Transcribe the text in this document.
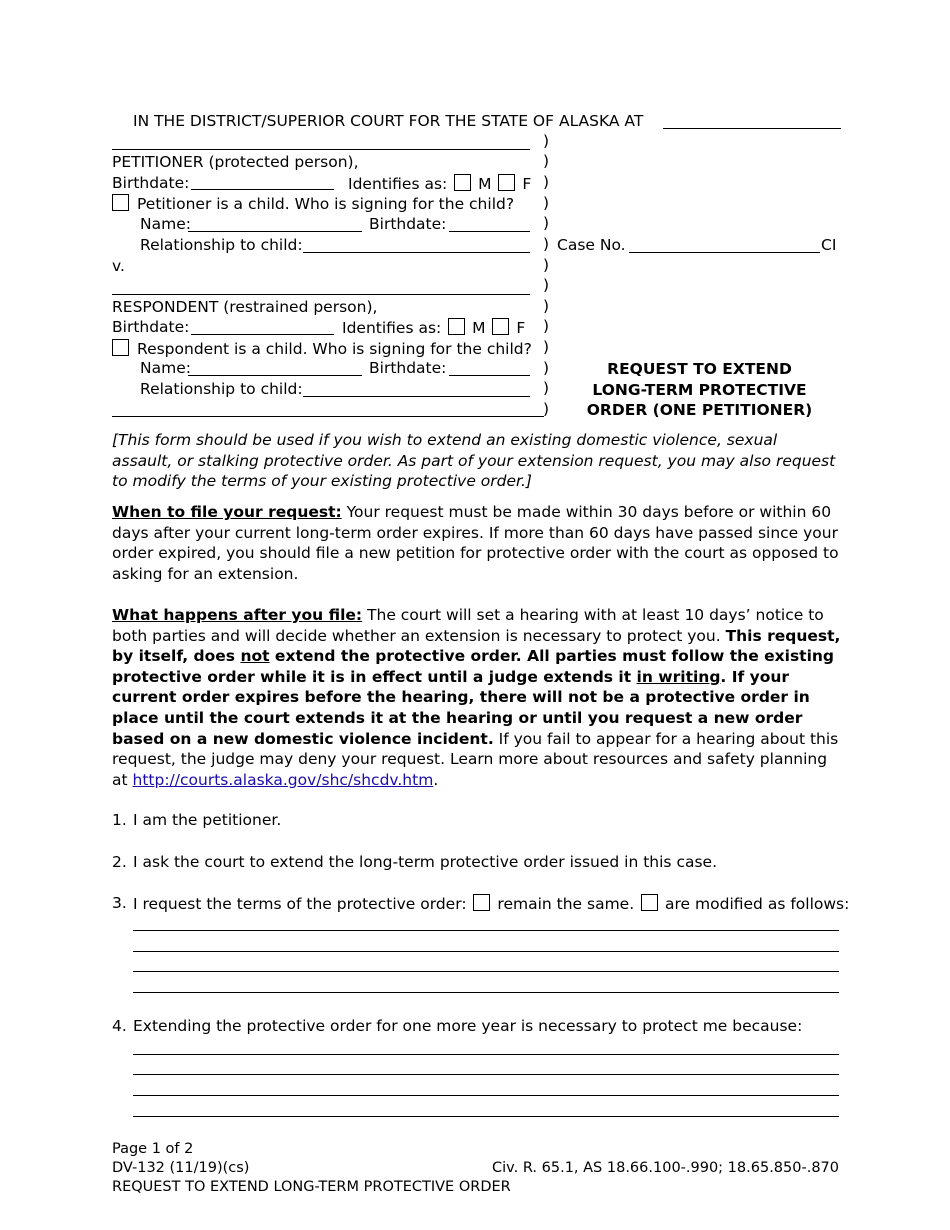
IN THE DISTRICT/SUPERIOR COURT FOR THE STATE OF ALASKA AT
)
)
)
)
)
)
)
)
)
)
)
)
)
)
PETITIONER (protected person),
Birthdate:	Identifies as: M F
Petitioner is a child. Who is signing for the child?
Name:	Birthdate:
Relationship to child:
v.
RESPONDENT (restrained person),
Birthdate:	Identifies as: M F
Respondent is a child. Who is signing for the child?
Name:	Birthdate:
Relationship to child:
Case No.	CI
REQUEST TO EXTEND
LONG-TERM PROTECTIVE
ORDER (ONE PETITIONER)
[This form should be used if you wish to extend an existing domestic violence, sexual assault, or stalking protective order. As part of your extension request, you may also request to modify the terms of your existing protective order.]
When to file your request: Your request must be made within 30 days before or within 60 days after your current long-term order expires. If more than 60 days have passed since your order expired, you should file a new petition for protective order with the court as opposed to asking for an extension.
What happens after you file: The court will set a hearing with at least 10 days’ notice to both parties and will decide whether an extension is necessary to protect you. This request, by itself, does not extend the protective order. All parties must follow the existing protective order while it is in effect until a judge extends it in writing. If your current order expires before the hearing, there will not be a protective order in place until the court extends it at the hearing or until you request a new order based on a new domestic violence incident. If you fail to appear for a hearing about this request, the judge may deny your request. Learn more about resources and safety planning at http://courts.alaska.gov/shc/shcdv.htm.
1. I am the petitioner.
2. I ask the court to extend the long-term protective order issued in this case.
3. I request the terms of the protective order: remain the same. are modified as follows:
4. Extending the protective order for one more year is necessary to protect me because:
Page 1 of 2
DV-132 (11/19)(cs)
REQUEST TO EXTEND LONG-TERM PROTECTIVE ORDER
Civ. R. 65.1, AS 18.66.100-.990; 18.65.850-.870
